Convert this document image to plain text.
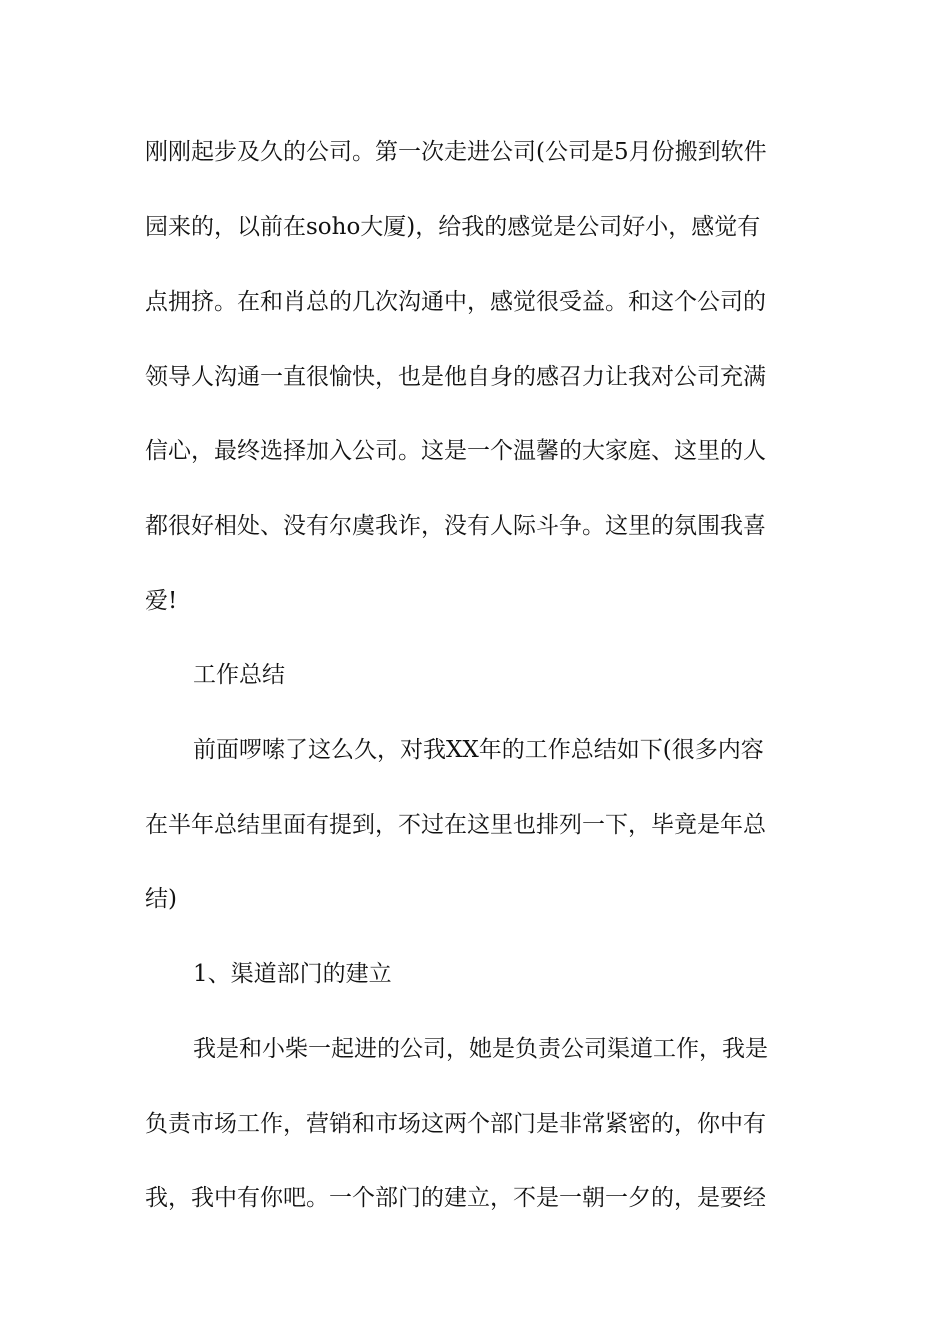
刚刚起步及久的公司。第一次走进公司(公司是5月份搬到软件
园来的，以前在soho大厦)，给我的感觉是公司好小，感觉有
点拥挤。在和肖总的几次沟通中，感觉很受益。和这个公司的
领导人沟通一直很愉快，也是他自身的感召力让我对公司充满
信心，最终选择加入公司。这是一个温馨的大家庭、这里的人
都很好相处、没有尔虞我诈，没有人际斗争。这里的氛围我喜
爱!
工作总结
前面啰嗦了这么久，对我XX年的工作总结如下(很多内容
在半年总结里面有提到，不过在这里也排列一下，毕竟是年总
结)
1、渠道部门的建立
我是和小柴一起进的公司，她是负责公司渠道工作，我是
负责市场工作，营销和市场这两个部门是非常紧密的，你中有
我，我中有你吧。一个部门的建立，不是一朝一夕的，是要经
